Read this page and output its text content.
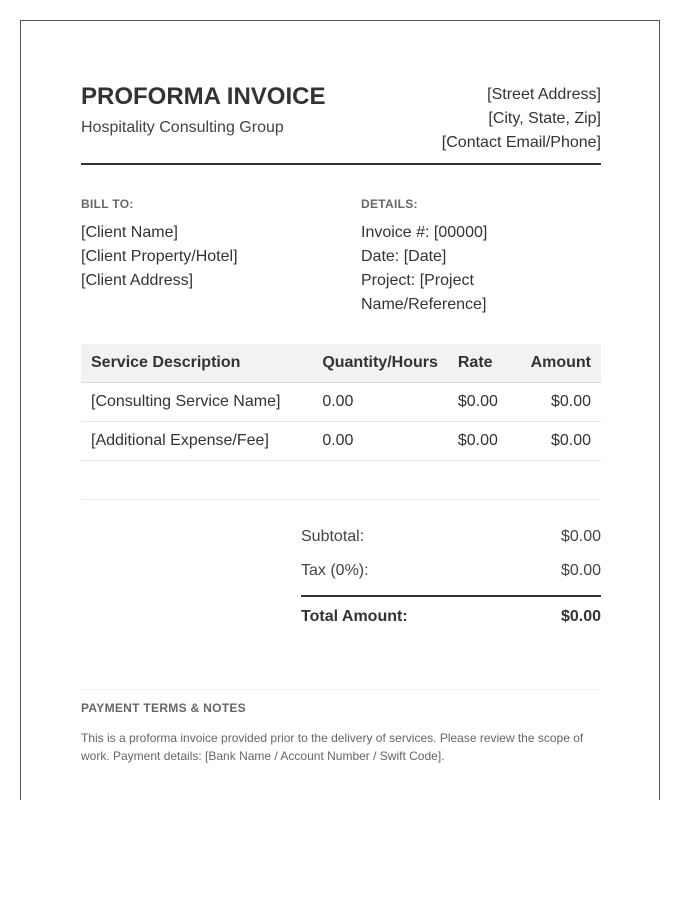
PROFORMA INVOICE
Hospitality Consulting Group
[Street Address]
[City, State, Zip]
[Contact Email/Phone]
BILL TO:
[Client Name]
[Client Property/Hotel]
[Client Address]
DETAILS:
Invoice #: [00000]
Date: [Date]
Project: [Project
Name/Reference]
Service Description	Quantity/Hours	Rate	Amount
[Consulting Service Name]	0.00	$0.00	$0.00
[Additional Expense/Fee]	0.00	$0.00	$0.00
Subtotal:	$0.00
Tax (0%):	$0.00
Total Amount:	$0.00
PAYMENT TERMS & NOTES
This is a proforma invoice provided prior to the delivery of services. Please review the scope of work. Payment details: [Bank Name / Account Number / Swift Code].
